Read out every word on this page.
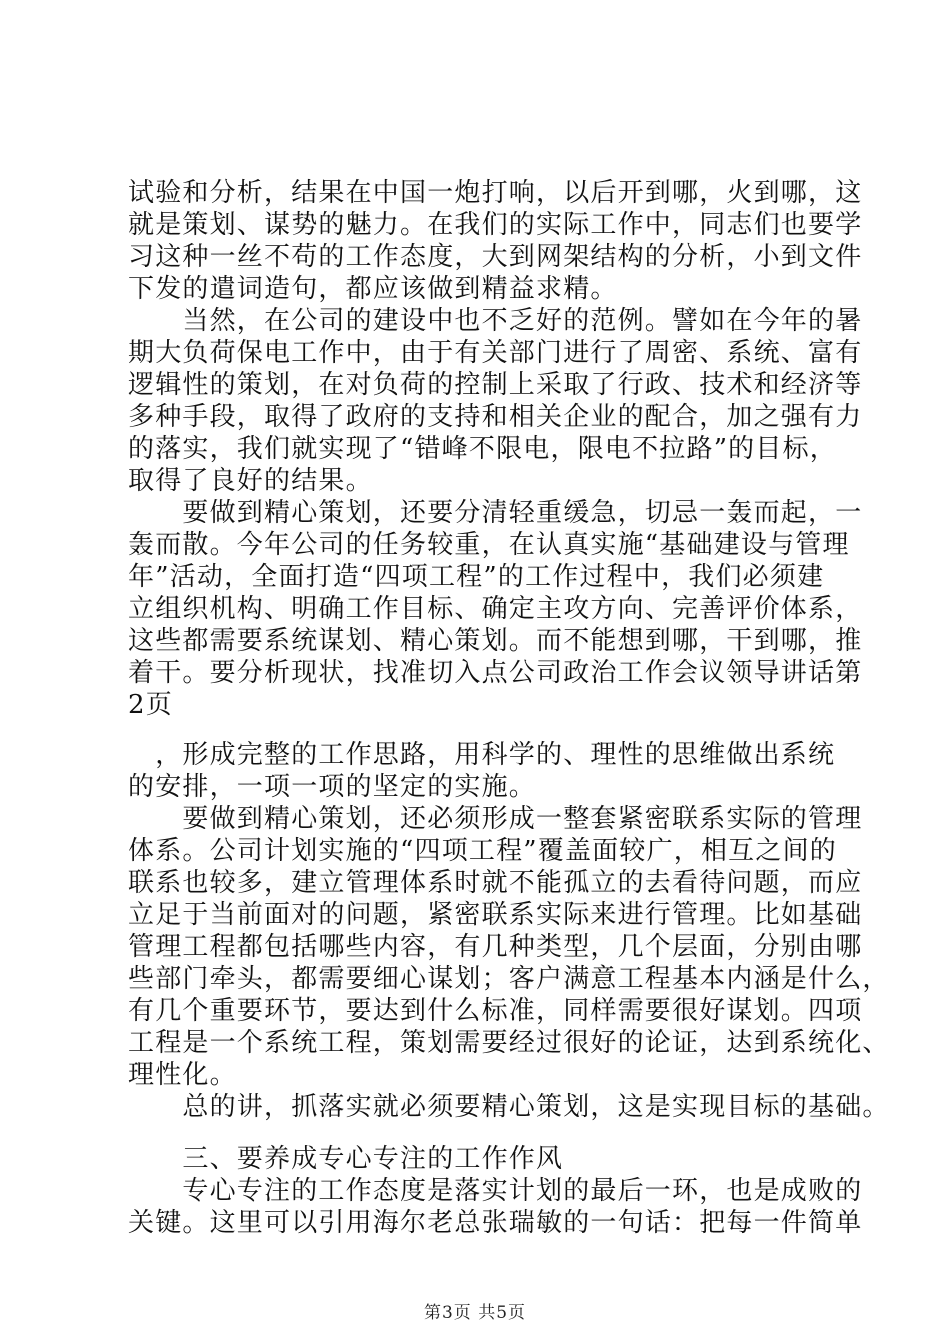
试验和分析，结果在中国一炮打响，以后开到哪，火到哪，这
就是策划、谋势的魅力。在我们的实际工作中，同志们也要学
习这种一丝不苟的工作态度，大到网架结构的分析，小到文件
下发的遣词造句，都应该做到精益求精。
　　当然，在公司的建设中也不乏好的范例。譬如在今年的暑
期大负荷保电工作中，由于有关部门进行了周密、系统、富有
逻辑性的策划，在对负荷的控制上采取了行政、技术和经济等
多种手段，取得了政府的支持和相关企业的配合，加之强有力
的落实，我们就实现了“错峰不限电，限电不拉路”的目标，
取得了良好的结果。
　　要做到精心策划，还要分清轻重缓急，切忌一轰而起，一
轰而散。今年公司的任务较重，在认真实施“基础建设与管理
年”活动，全面打造“四项工程”的工作过程中，我们必须建
立组织机构、明确工作目标、确定主攻方向、完善评价体系，
这些都需要系统谋划、精心策划。而不能想到哪，干到哪，推
着干。要分析现状，找准切入点公司政治工作会议领导讲话第
2页
　，形成完整的工作思路，用科学的、理性的思维做出系统
的安排，一项一项的坚定的实施。
　　要做到精心策划，还必须形成一整套紧密联系实际的管理
体系。公司计划实施的“四项工程”覆盖面较广，相互之间的
联系也较多，建立管理体系时就不能孤立的去看待问题，而应
立足于当前面对的问题，紧密联系实际来进行管理。比如基础
管理工程都包括哪些内容，有几种类型，几个层面，分别由哪
些部门牵头，都需要细心谋划；客户满意工程基本内涵是什么，
有几个重要环节，要达到什么标准，同样需要很好谋划。四项
工程是一个系统工程，策划需要经过很好的论证，达到系统化、
理性化。
　　总的讲，抓落实就必须要精心策划，这是实现目标的基础。
　　三、要养成专心专注的工作作风
　　专心专注的工作态度是落实计划的最后一环，也是成败的
关键。这里可以引用海尔老总张瑞敏的一句话：把每一件简单
第3页 共5页
